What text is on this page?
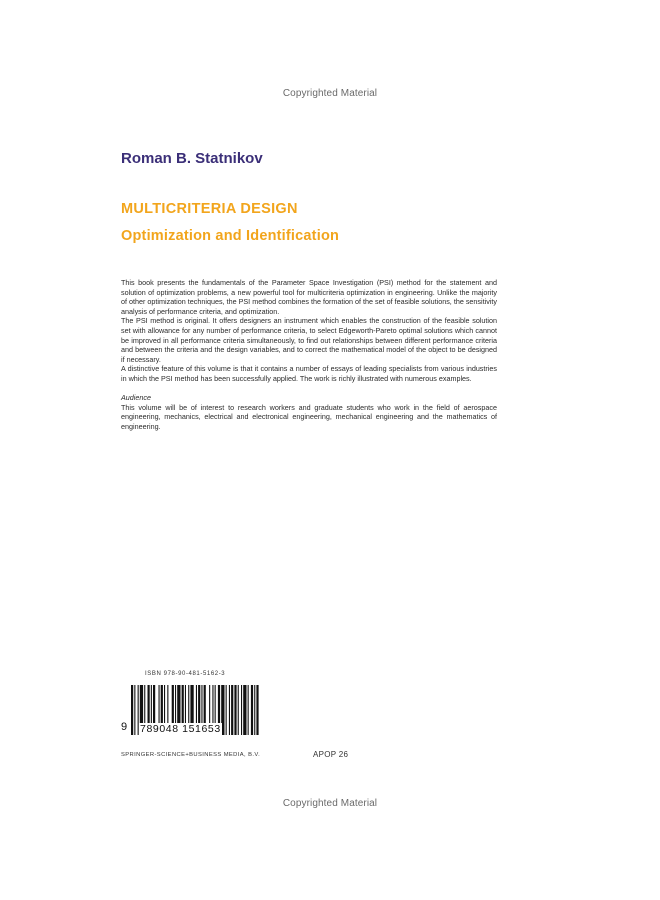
Copyrighted Material
Roman B. Statnikov
MULTICRITERIA DESIGN
Optimization and Identification

This book presents the fundamentals of the Parameter Space Investigation (PSI) method for the statement and solution of optimization problems, a new powerful tool for multicriteria optimization in engineering. Unlike the majority of other optimization techniques, the PSI method combines the formation of the set of feasible solutions, the sensitivity analysis of performance criteria, and optimization.

The PSI method is original. It offers designers an instrument which enables the construction of the feasible solution set with allowance for any number of performance criteria, to select Edgeworth-Pareto optimal solutions which cannot be improved in all performance criteria simultaneously, to find out relationships between different performance criteria and between the criteria and the design variables, and to correct the mathematical model of the object to be designed if necessary.

A distinctive feature of this volume is that it contains a number of essays of leading specialists from various industries in which the PSI method has been successfully applied. The work is richly illustrated with numerous examples.

Audience

This volume will be of interest to research workers and graduate students who work in the field of aerospace engineering, mechanics, electrical and electronical engineering, mechanical engineering and the mathematics of engineering.

ISBN 978-90-481-5162-3
9 789048 151653
SPRINGER-SCIENCE+BUSINESS MEDIA, B.V.	APOP 26
Copyrighted Material
